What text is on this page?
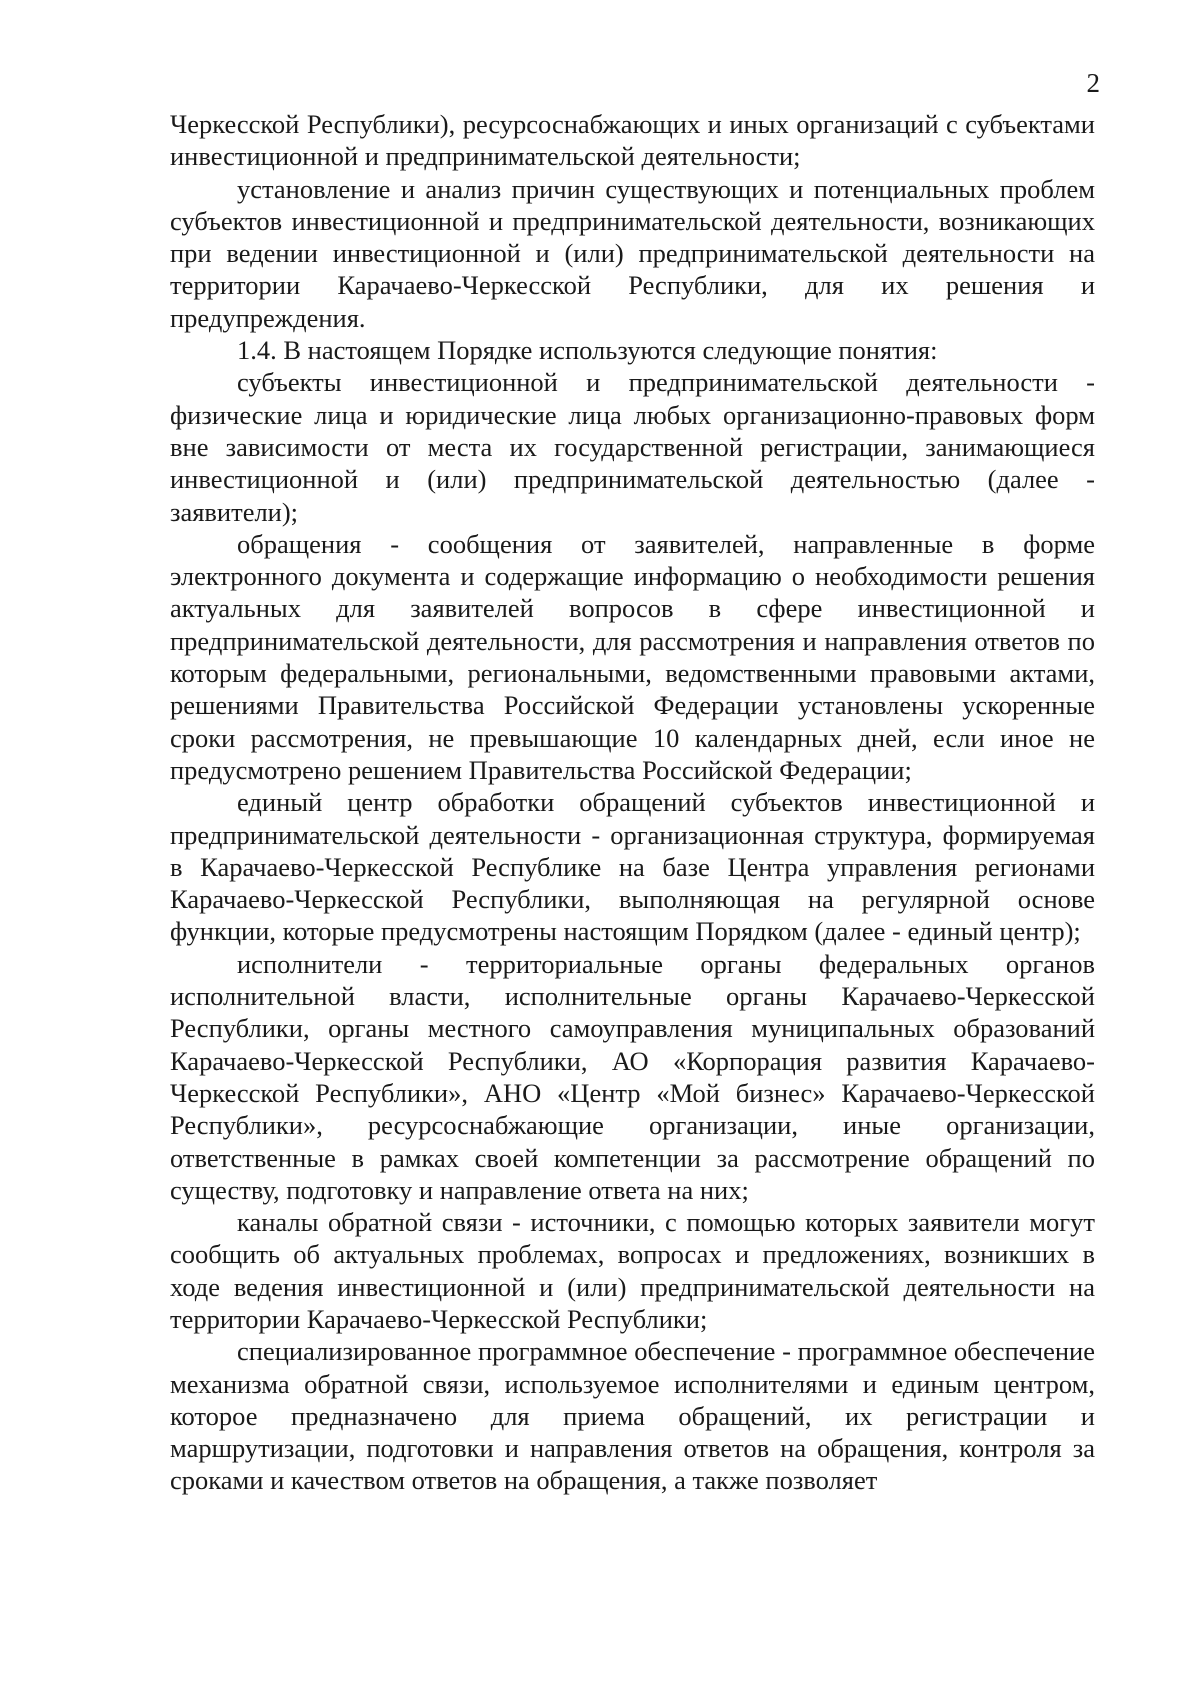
2

Черкесской Республики), ресурсоснабжающих и иных организаций с субъектами инвестиционной и предпринимательской деятельности;

установление и анализ причин существующих и потенциальных проблем субъектов инвестиционной и предпринимательской деятельности, возникающих при ведении инвестиционной и (или) предпринимательской деятельности на территории Карачаево-Черкесской Республики, для их решения и предупреждения.

1.4. В настоящем Порядке используются следующие понятия:

субъекты инвестиционной и предпринимательской деятельности - физические лица и юридические лица любых организационно-правовых форм вне зависимости от места их государственной регистрации, занимающиеся инвестиционной и (или) предпринимательской деятельностью (далее - заявители);

обращения - сообщения от заявителей, направленные в форме электронного документа и содержащие информацию о необходимости решения актуальных для заявителей вопросов в сфере инвестиционной и предпринимательской деятельности, для рассмотрения и направления ответов по которым федеральными, региональными, ведомственными правовыми актами, решениями Правительства Российской Федерации установлены ускоренные сроки рассмотрения, не превышающие 10 календарных дней, если иное не предусмотрено решением Правительства Российской Федерации;

единый центр обработки обращений субъектов инвестиционной и предпринимательской деятельности - организационная структура, формируемая в Карачаево-Черкесской Республике на базе Центра управления регионами Карачаево-Черкесской Республики, выполняющая на регулярной основе функции, которые предусмотрены настоящим Порядком (далее - единый центр);

исполнители - территориальные органы федеральных органов исполнительной власти, исполнительные органы Карачаево-Черкесской Республики, органы местного самоуправления муниципальных образований Карачаево-Черкесской Республики, АО «Корпорация развития Карачаево-Черкесской Республики», АНО «Центр «Мой бизнес» Карачаево-Черкесской Республики», ресурсоснабжающие организации, иные организации, ответственные в рамках своей компетенции за рассмотрение обращений по существу, подготовку и направление ответа на них;

каналы обратной связи - источники, с помощью которых заявители могут сообщить об актуальных проблемах, вопросах и предложениях, возникших в ходе ведения инвестиционной и (или) предпринимательской деятельности на территории Карачаево-Черкесской Республики;

специализированное программное обеспечение - программное обеспечение механизма обратной связи, используемое исполнителями и единым центром, которое предназначено для приема обращений, их регистрации и маршрутизации, подготовки и направления ответов на обращения, контроля за сроками и качеством ответов на обращения, а также позволяет
